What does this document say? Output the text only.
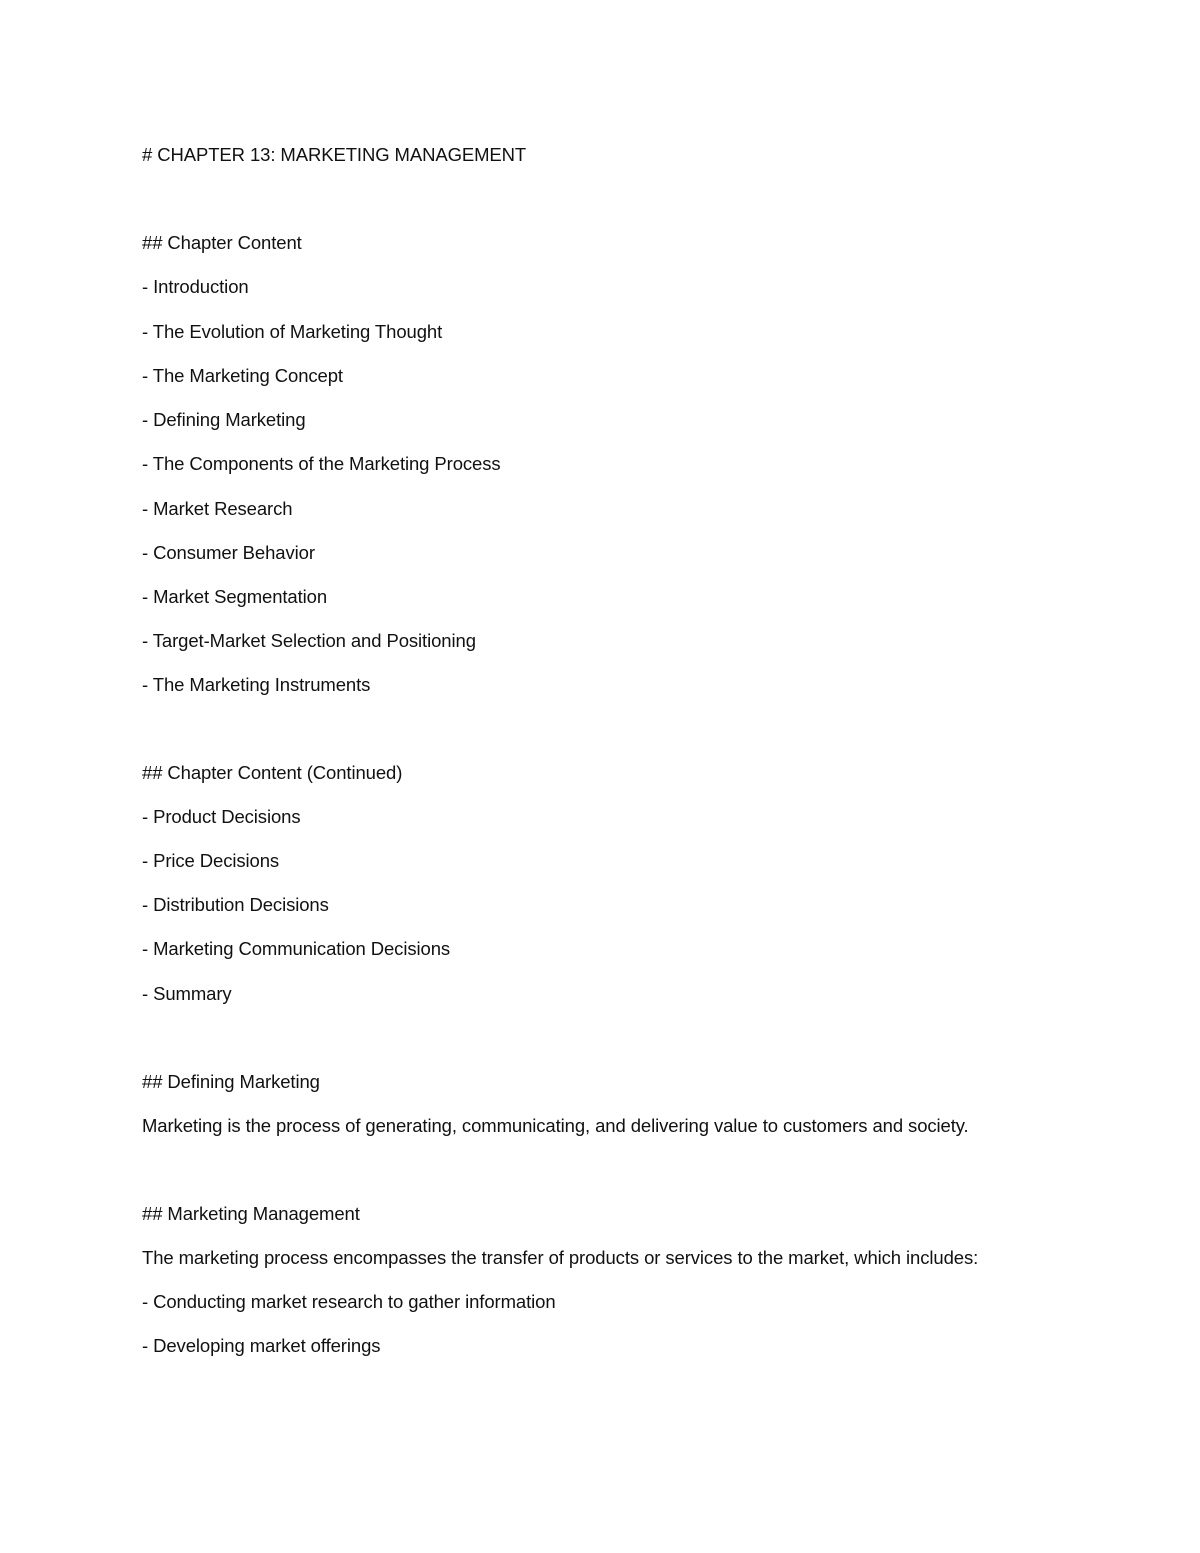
# CHAPTER 13: MARKETING MANAGEMENT
## Chapter Content
- Introduction
- The Evolution of Marketing Thought
- The Marketing Concept
- Defining Marketing
- The Components of the Marketing Process
- Market Research
- Consumer Behavior
- Market Segmentation
- Target-Market Selection and Positioning
- The Marketing Instruments
## Chapter Content (Continued)
- Product Decisions
- Price Decisions
- Distribution Decisions
- Marketing Communication Decisions
- Summary
## Defining Marketing
Marketing is the process of generating, communicating, and delivering value to customers and society.
## Marketing Management
The marketing process encompasses the transfer of products or services to the market, which includes:
- Conducting market research to gather information
- Developing market offerings
